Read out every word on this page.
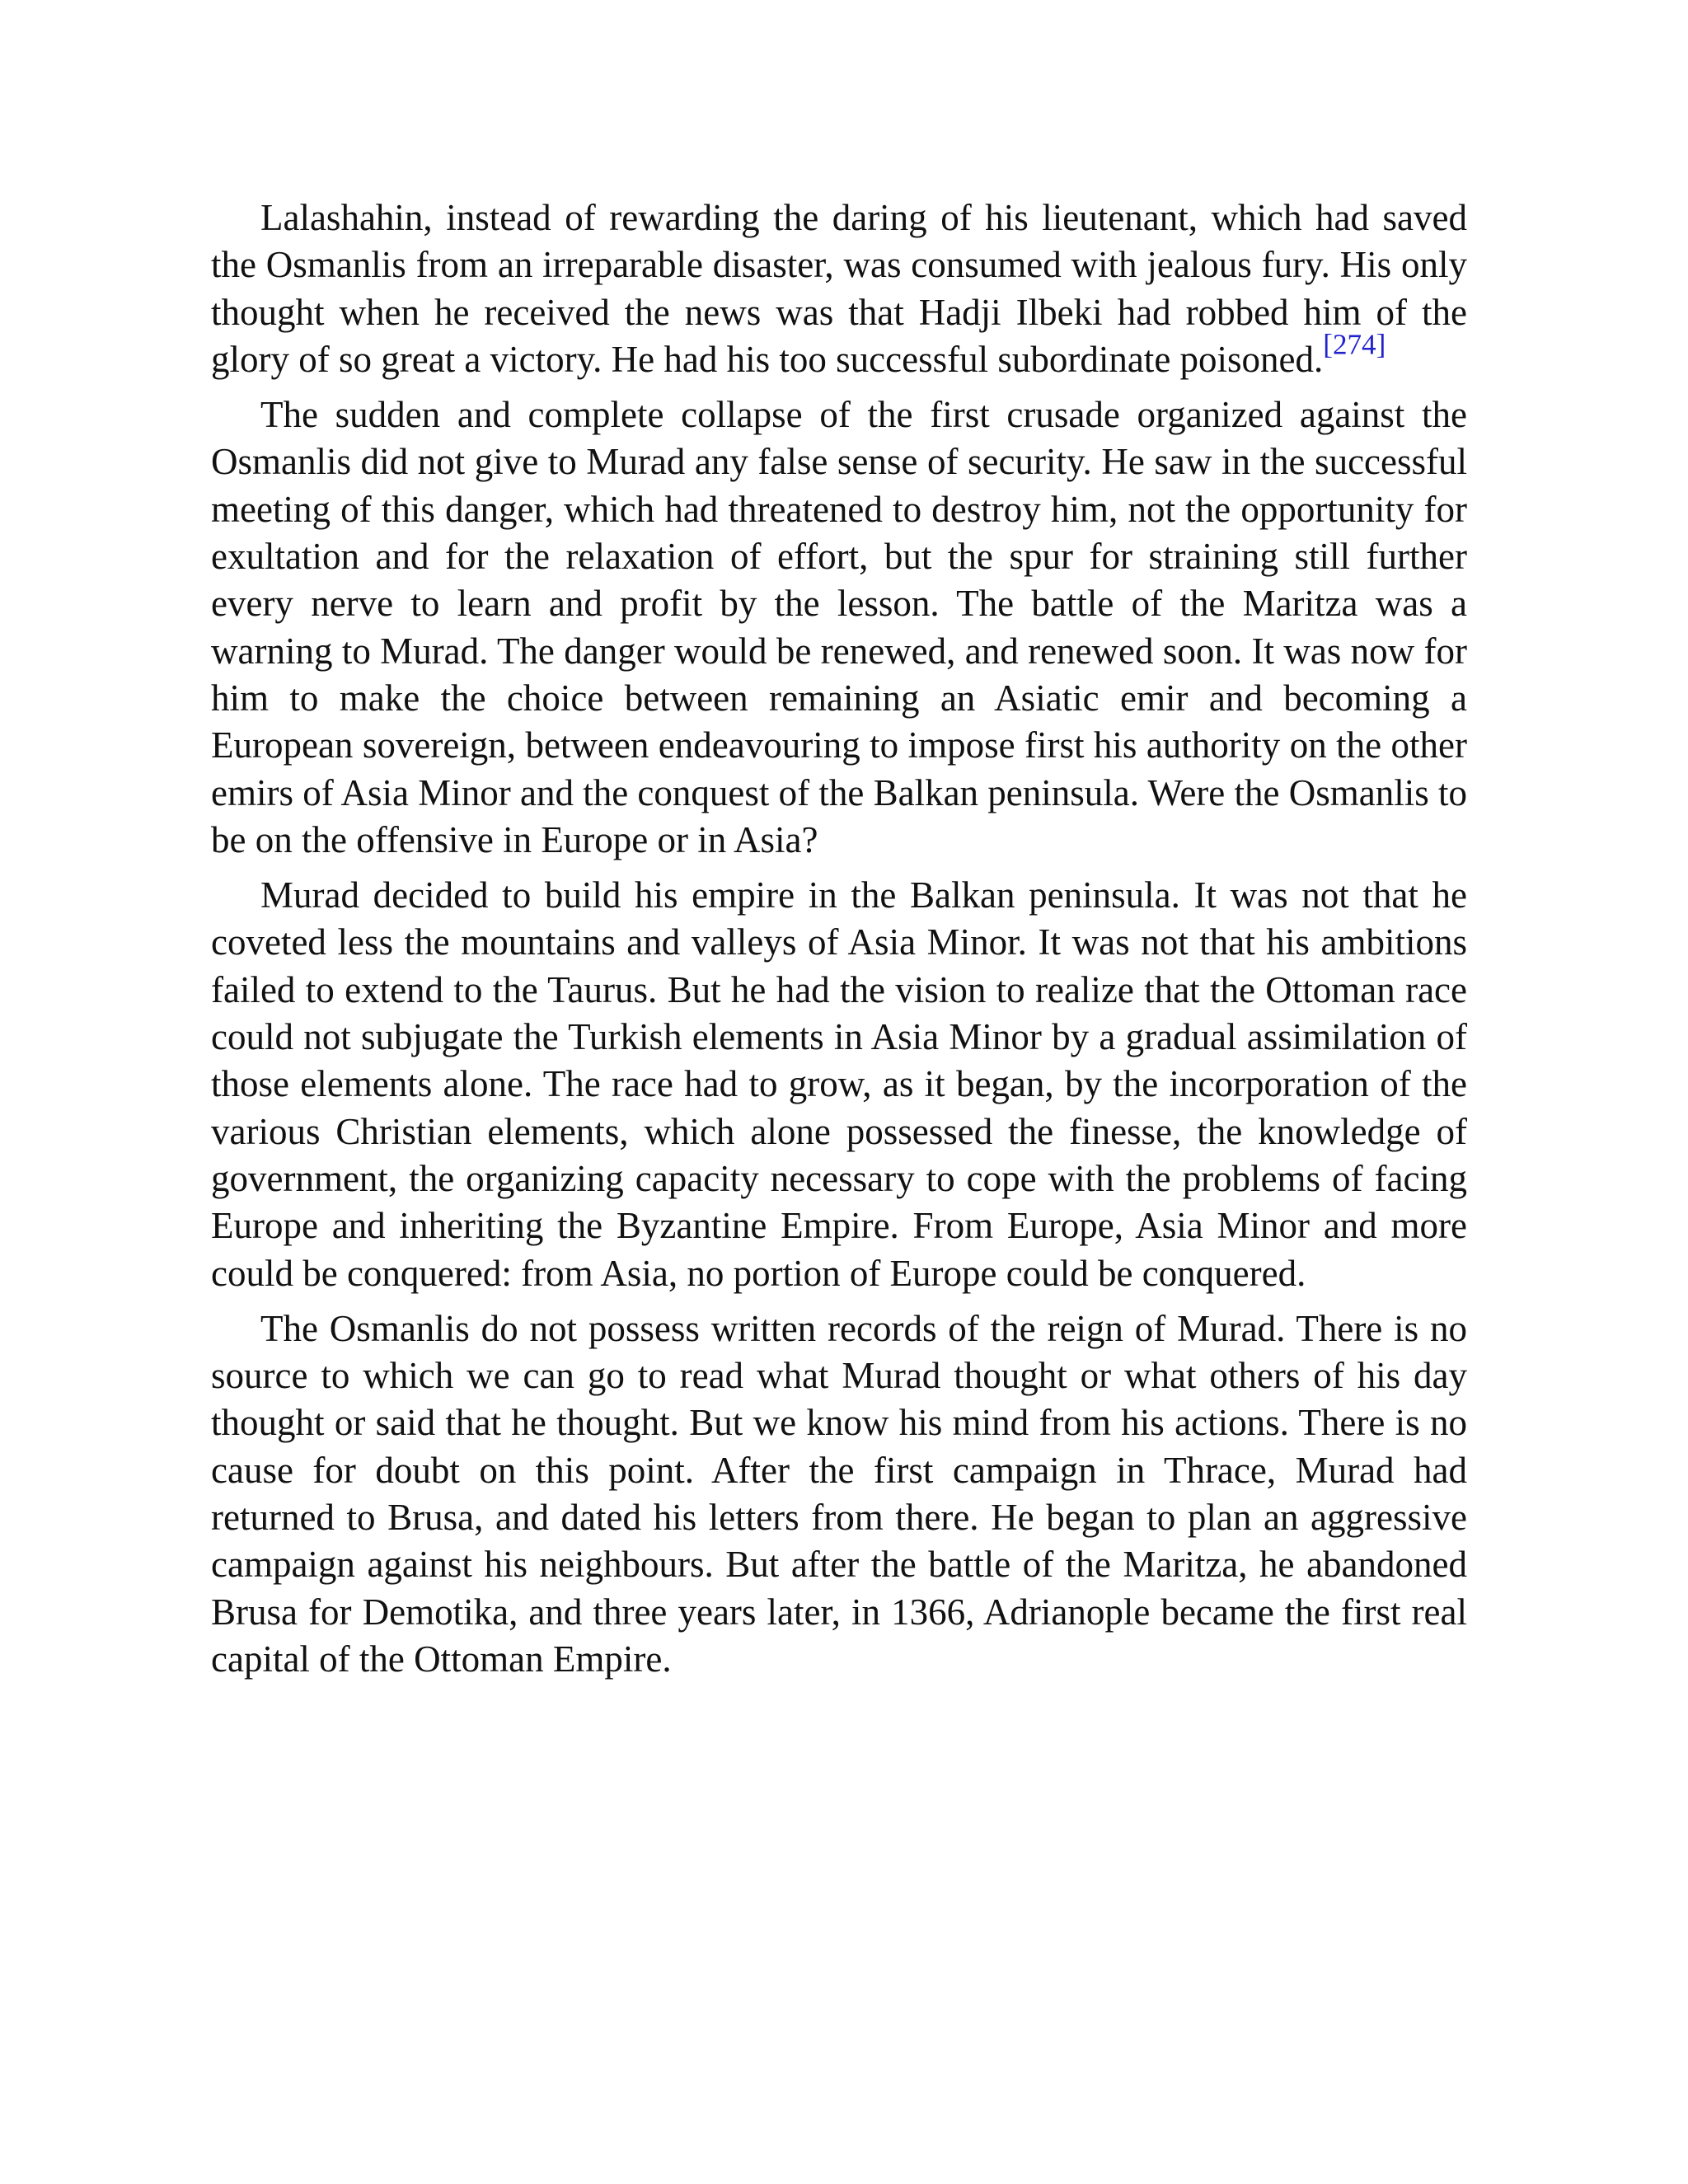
Lalashahin, instead of rewarding the daring of his lieutenant, which had saved the Osmanlis from an irreparable disaster, was consumed with jealous fury. His only thought when he received the news was that Hadji Ilbeki had robbed him of the glory of so great a victory. He had his too successful subordinate poisoned.[274]

The sudden and complete collapse of the first crusade organized against the Osmanlis did not give to Murad any false sense of security. He saw in the successful meeting of this danger, which had threatened to destroy him, not the opportunity for exultation and for the relaxation of effort, but the spur for straining still further every nerve to learn and profit by the lesson. The battle of the Maritza was a warning to Murad. The danger would be renewed, and renewed soon. It was now for him to make the choice between remaining an Asiatic emir and becoming a European sovereign, between endeavouring to impose first his authority on the other emirs of Asia Minor and the conquest of the Balkan peninsula. Were the Osmanlis to be on the offensive in Europe or in Asia?

Murad decided to build his empire in the Balkan peninsula. It was not that he coveted less the mountains and valleys of Asia Minor. It was not that his ambitions failed to extend to the Taurus. But he had the vision to realize that the Ottoman race could not subjugate the Turkish elements in Asia Minor by a gradual assimilation of those elements alone. The race had to grow, as it began, by the incorporation of the various Christian elements, which alone possessed the finesse, the knowledge of government, the organizing capacity necessary to cope with the problems of facing Europe and inheriting the Byzantine Empire. From Europe, Asia Minor and more could be conquered: from Asia, no portion of Europe could be conquered.

The Osmanlis do not possess written records of the reign of Murad. There is no source to which we can go to read what Murad thought or what others of his day thought or said that he thought. But we know his mind from his actions. There is no cause for doubt on this point. After the first campaign in Thrace, Murad had returned to Brusa, and dated his letters from there. He began to plan an aggressive campaign against his neighbours. But after the battle of the Maritza, he abandoned Brusa for Demotika, and three years later, in 1366, Adrianople became the first real capital of the Ottoman Empire.
